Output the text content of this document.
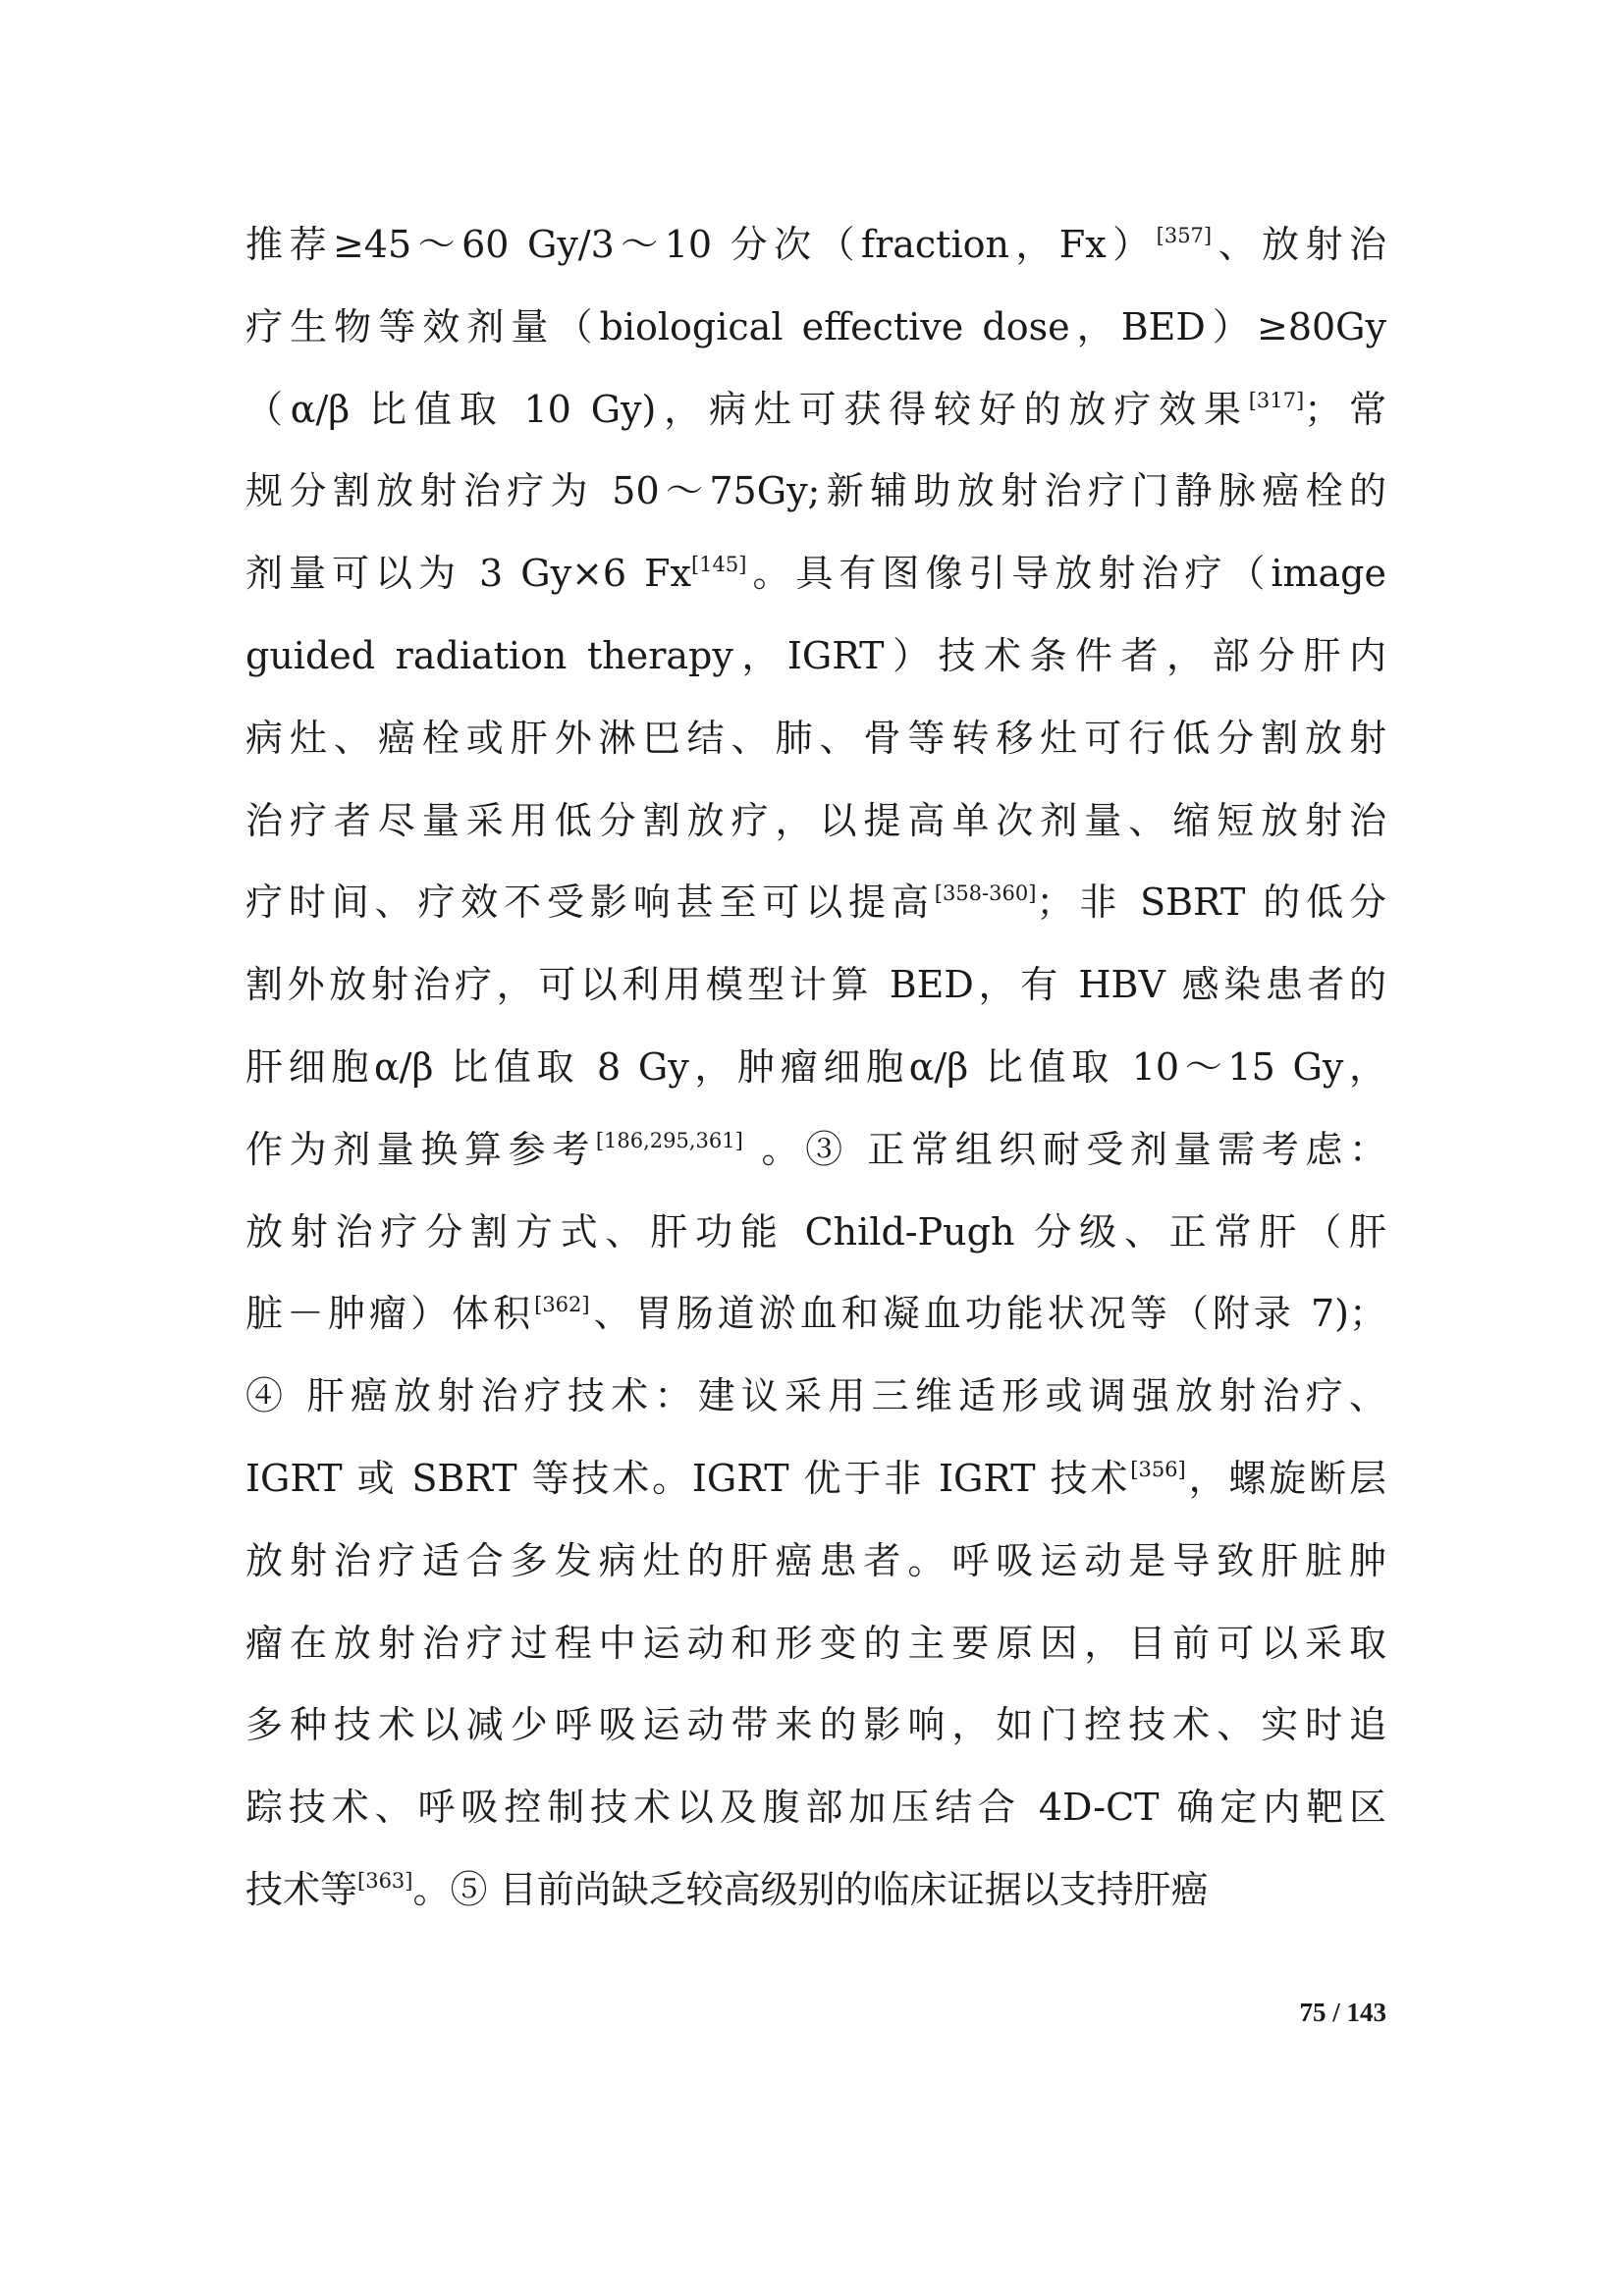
推荐≥45～60 Gy/3～10 分次（fraction，Fx）[357]、放射治
疗生物等效剂量（biological effective dose，BED）≥80Gy
（α/β 比值取 10 Gy)，病灶可获得较好的放疗效果[317]；常
规分割放射治疗为 50～75Gy;新辅助放射治疗门静脉癌栓的
剂量可以为 3 Gy×6 Fx[145]。具有图像引导放射治疗（image
guided radiation therapy，IGRT）技术条件者，部分肝内
病灶、癌栓或肝外淋巴结、肺、骨等转移灶可行低分割放射
治疗者尽量采用低分割放疗，以提高单次剂量、缩短放射治
疗时间、疗效不受影响甚至可以提高[358-360]；非 SBRT 的低分
割外放射治疗，可以利用模型计算 BED，有 HBV 感染患者的
肝细胞α/β 比值取 8 Gy，肿瘤细胞α/β 比值取 10～15 Gy，
作为剂量换算参考[186,295,361] 。③ 正常组织耐受剂量需考虑：
放射治疗分割方式、肝功能 Child-Pugh 分级、正常肝（肝
脏－肿瘤）体积[362]、胃肠道淤血和凝血功能状况等（附录 7)；
④ 肝癌放射治疗技术：建议采用三维适形或调强放射治疗、
IGRT 或 SBRT 等技术。IGRT 优于非 IGRT 技术[356]，螺旋断层
放射治疗适合多发病灶的肝癌患者。呼吸运动是导致肝脏肿
瘤在放射治疗过程中运动和形变的主要原因，目前可以采取
多种技术以减少呼吸运动带来的影响，如门控技术、实时追
踪技术、呼吸控制技术以及腹部加压结合 4D-CT 确定内靶区
技术等[363]。⑤ 目前尚缺乏较高级别的临床证据以支持肝癌
75 / 143
